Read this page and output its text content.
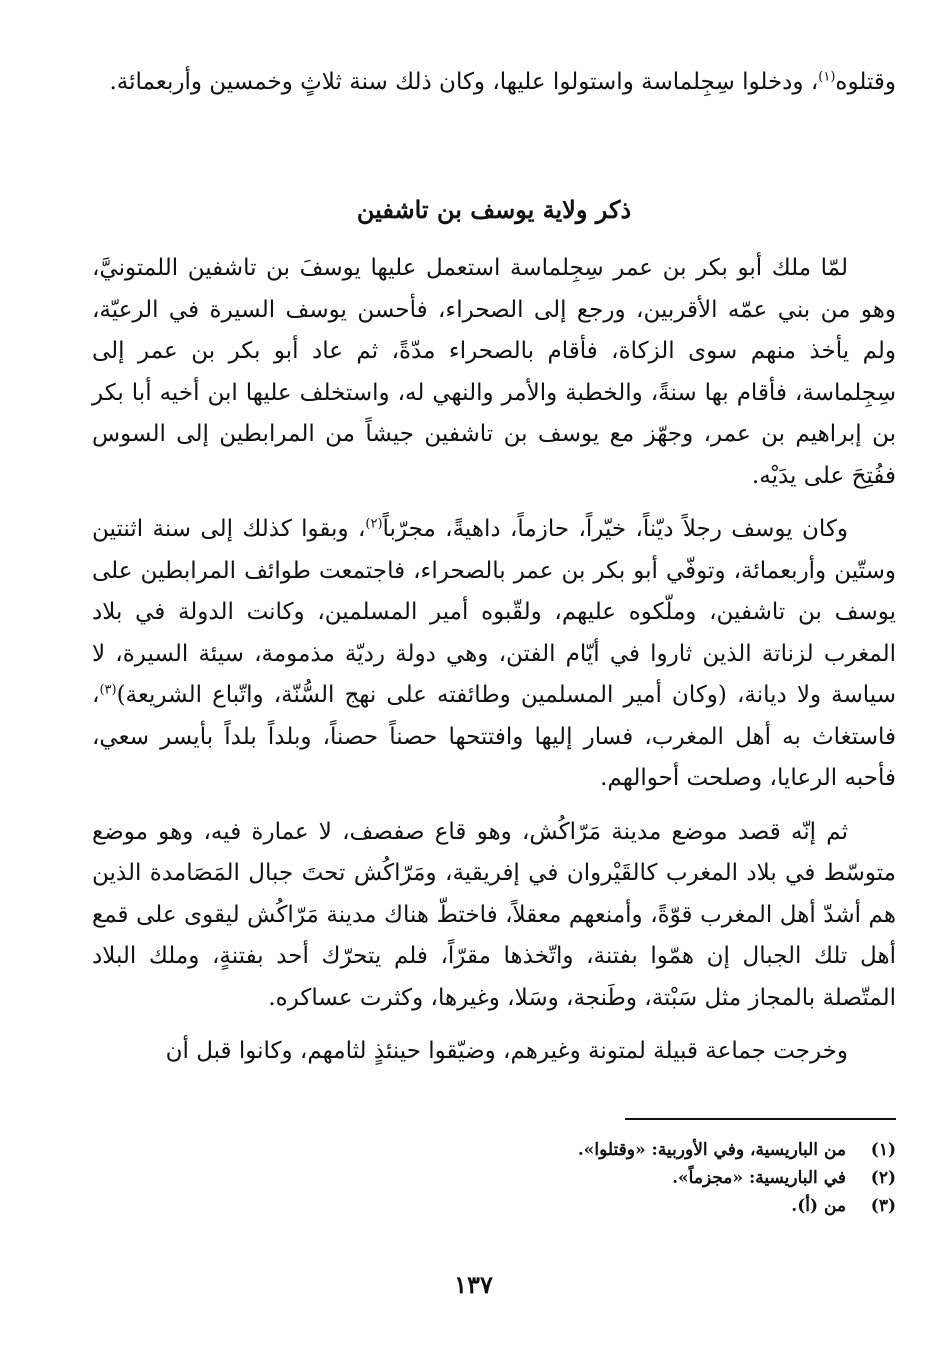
وقتلوه$^{(١)}$، ودخلوا سِجِلماسة واستولوا عليها، وكان ذلك سنة ثلاثٍ وخمسين وأربعمائة.

ذكر ولاية يوسف بن تاشفين

لمّا ملك أبو بكر بن عمر سِجِلماسة استعمل عليها يوسفَ بن تاشفين اللمتونيَّ، وهو من بني عمّه الأقربين، ورجع إلى الصحراء، فأحسن يوسف السيرة في الرعيّة، ولم يأخذ منهم سوى الزكاة، فأقام بالصحراء مدّةً، ثم عاد أبو بكر بن عمر إلى سِجِلماسة، فأقام بها سنةً، والخطبة والأمر والنهي له، واستخلف عليها ابن أخيه أبا بكر بن إبراهيم بن عمر، وجهّز مع يوسف بن تاشفين جيشاً من المرابطين إلى السوس ففُتِحَ على يدَيْه.

وكان يوسف رجلاً ديّناً، خيّراً، حازماً، داهيةً، مجرّباً$^{(٢)}$، وبقوا كذلك إلى سنة اثنتين وستّين وأربعمائة، وتوفّي أبو بكر بن عمر بالصحراء، فاجتمعت طوائف المرابطين على يوسف بن تاشفين، وملّكوه عليهم، ولقّبوه أمير المسلمين، وكانت الدولة في بلاد المغرب لزناتة الذين ثاروا في أيّام الفتن، وهي دولة رديّة مذمومة، سيئة السيرة، لا سياسة ولا ديانة، (وكان أمير المسلمين وطائفته على نهج السُّنّة، واتّباع الشريعة)$^{(٣)}$، فاستغاث به أهل المغرب، فسار إليها وافتتحها حصناً حصناً، وبلداً بلداً بأيسر سعي، فأحبه الرعايا، وصلحت أحوالهم.

ثم إنّه قصد موضع مدينة مَرّاكُش، وهو قاع صفصف، لا عمارة فيه، وهو موضع متوسّط في بلاد المغرب كالقَيْروان في إفريقية، ومَرّاكُش تحتَ جبال المَصَامدة الذين هم أشدّ أهل المغرب قوّةً، وأمنعهم معقلاً، فاختطّ هناك مدينة مَرّاكُش ليقوى على قمع أهل تلك الجبال إن همّوا بفتنة، واتّخذها مقرّاً، فلم يتحرّك أحد بفتنةٍ، وملك البلاد المتّصلة بالمجاز مثل سَبْتة، وطَنجة، وسَلا، وغيرها، وكثرت عساكره.

وخرجت جماعة قبيلة لمتونة وغيرهم، وضيّقوا حينئذٍ لثامهم، وكانوا قبل أن

(١)
من الباريسية، وفي الأوربية: «وقتلوا».
(٢)
في الباريسية: «مجزماً».
(٣)
من (أ).
١٣٧
